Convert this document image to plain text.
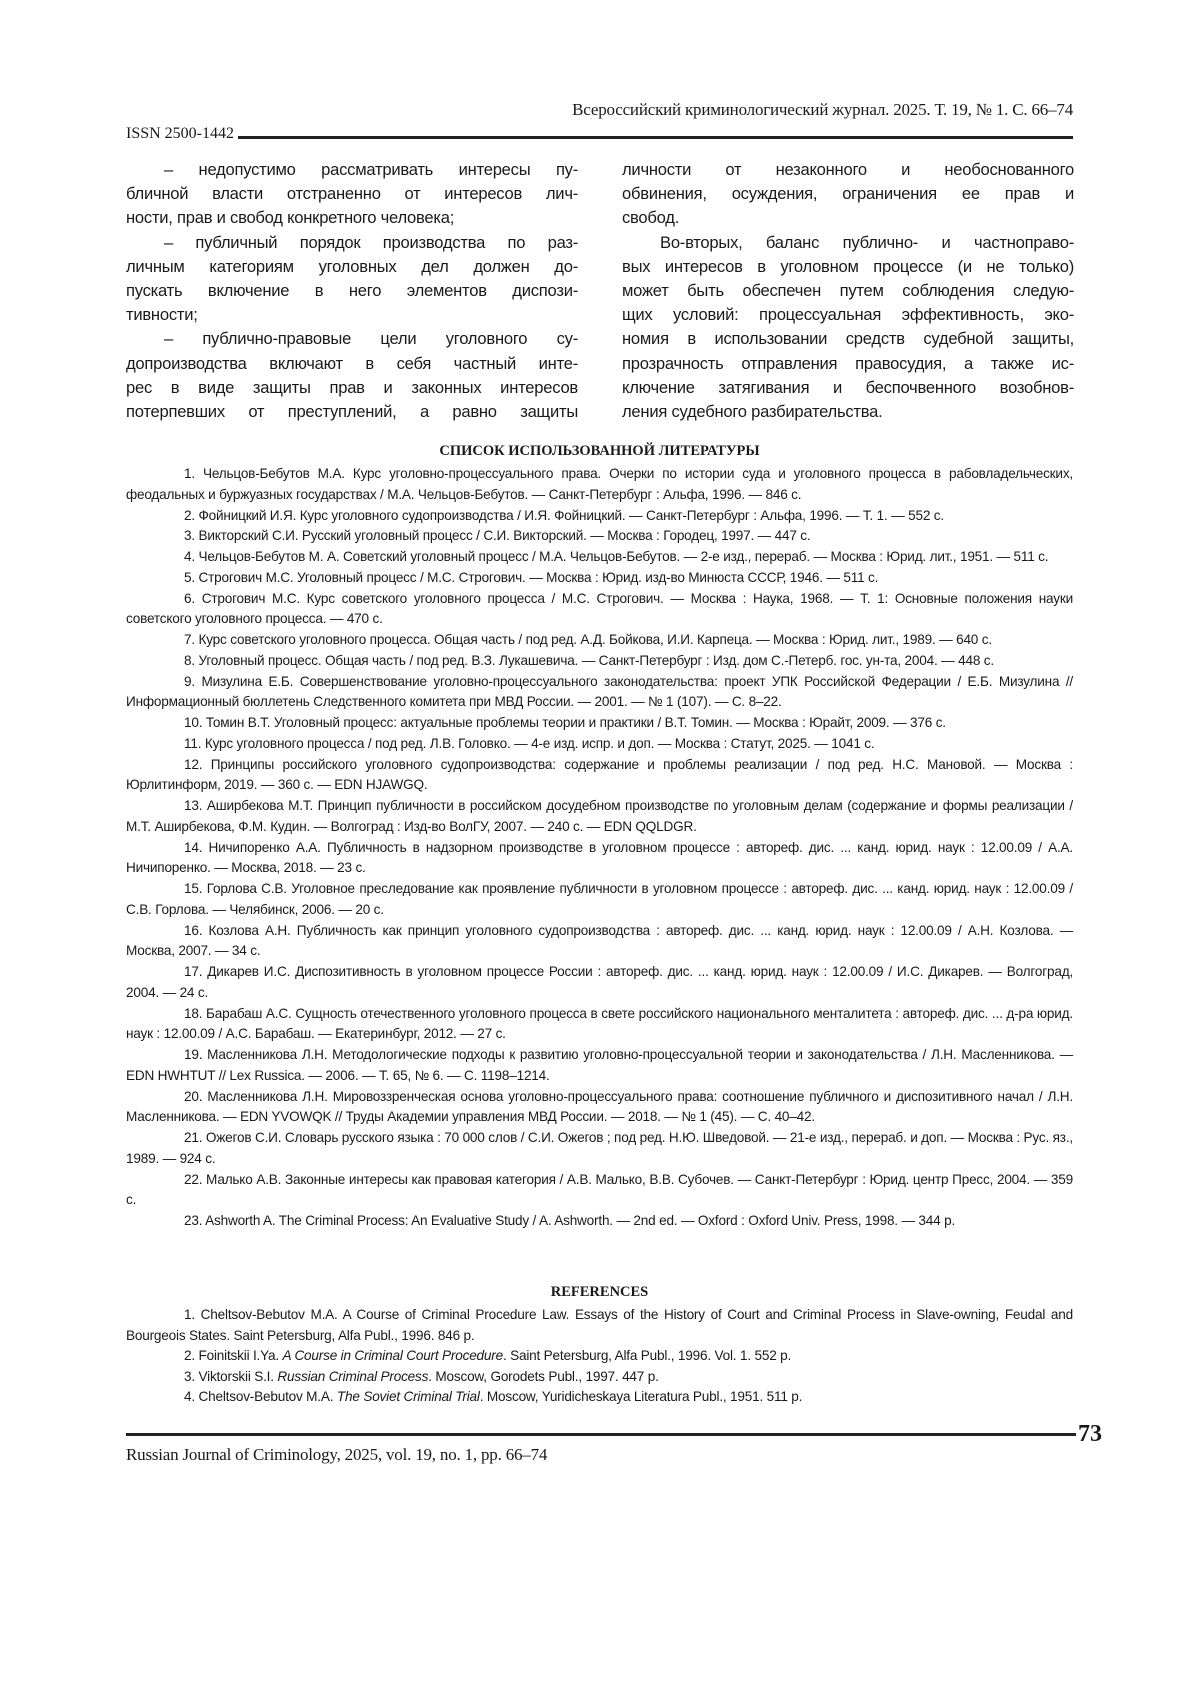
Всероссийский криминологический журнал. 2025. Т. 19, № 1. С. 66–74
ISSN 2500-1442
– недопустимо рассматривать интересы пу-
бличной власти отстраненно от интересов лич-
ности, прав и свобод конкретного человека;
– публичный порядок производства по раз-
личным категориям уголовных дел должен до-
пускать включение в него элементов диспози-
тивности;
– публично-правовые цели уголовного су-
допроизводства включают в себя частный инте-
рес в виде защиты прав и законных интересов
потерпевших от преступлений, а равно защиты
личности от незаконного и необоснованного
обвинения, осуждения, ограничения ее прав и
свобод.
Во-вторых, баланс публично- и частноправо-
вых интересов в уголовном процессе (и не только)
может быть обеспечен путем соблюдения следую-
щих условий: процессуальная эффективность, эко-
номия в использовании средств судебной защиты,
прозрачность отправления правосудия, а также ис-
ключение затягивания и беспочвенного возобнов-
ления судебного разбирательства.
СПИСОК ИСПОЛЬЗОВАННОЙ ЛИТЕРАТУРЫ

1. Чельцов-Бебутов М.А. Курс уголовно-процессуального права. Очерки по истории суда и уголовного процесса в рабовладельческих, феодальных и буржуазных государствах / М.А. Чельцов-Бебутов. — Санкт-Петербург : Альфа, 1996. — 846 с.

2. Фойницкий И.Я. Курс уголовного судопроизводства / И.Я. Фойницкий. — Санкт-Петербург : Альфа, 1996. — Т. 1. — 552 с.

3. Викторский С.И. Русский уголовный процесс / С.И. Викторский. — Москва : Городец, 1997. — 447 с.

4. Чельцов-Бебутов М. А. Советский уголовный процесс / М.А. Чельцов-Бебутов. — 2-е изд., перераб. — Москва : Юрид. лит., 1951. — 511 с.

5. Строгович М.С. Уголовный процесс / М.С. Строгович. — Москва : Юрид. изд-во Минюста СССР, 1946. — 511 с.

6. Строгович М.С. Курс советского уголовного процесса / М.С. Строгович. — Москва : Наука, 1968. — Т. 1: Основные положения науки советского уголовного процесса. — 470 с.

7. Курс советского уголовного процесса. Общая часть / под ред. А.Д. Бойкова, И.И. Карпеца. — Москва : Юрид. лит., 1989. — 640 с.

8. Уголовный процесс. Общая часть / под ред. В.З. Лукашевича. — Санкт-Петербург : Изд. дом С.-Петерб. гос. ун-та, 2004. — 448 с.

9. Мизулина Е.Б. Совершенствование уголовно-процессуального законодательства: проект УПК Российской Федерации / Е.Б. Мизулина // Информационный бюллетень Следственного комитета при МВД России. — 2001. — № 1 (107). — С. 8–22.

10. Томин В.Т. Уголовный процесс: актуальные проблемы теории и практики / В.Т. Томин. — Москва : Юрайт, 2009. — 376 с.

11. Курс уголовного процесса / под ред. Л.В. Головко. — 4-е изд. испр. и доп. — Москва : Статут, 2025. — 1041 с.

12. Принципы российского уголовного судопроизводства: содержание и проблемы реализации / под ред. Н.С. Мановой. — Москва : Юрлитинформ, 2019. — 360 с. — EDN HJAWGQ.

13. Аширбекова М.Т. Принцип публичности в российском досудебном производстве по уголовным делам (содержание и формы реализации / М.Т. Аширбекова, Ф.М. Кудин. — Волгоград : Изд-во ВолГУ, 2007. — 240 с. — EDN QQLDGR.

14. Ничипоренко А.А. Публичность в надзорном производстве в уголовном процессе : автореф. дис. ... канд. юрид. наук : 12.00.09 / А.А. Ничипоренко. — Москва, 2018. — 23 с.

15. Горлова С.В. Уголовное преследование как проявление публичности в уголовном процессе : автореф. дис. ... канд. юрид. наук : 12.00.09 / С.В. Горлова. — Челябинск, 2006. — 20 с.

16. Козлова А.Н. Публичность как принцип уголовного судопроизводства : автореф. дис. ... канд. юрид. наук : 12.00.09 / А.Н. Козлова. — Москва, 2007. — 34 с.

17. Дикарев И.С. Диспозитивность в уголовном процессе России : автореф. дис. ... канд. юрид. наук : 12.00.09 / И.С. Дикарев. — Волгоград, 2004. — 24 с.

18. Барабаш А.С. Сущность отечественного уголовного процесса в свете российского национального менталитета : автореф. дис. ... д-ра юрид. наук : 12.00.09 / А.С. Барабаш. — Екатеринбург, 2012. — 27 с.

19. Масленникова Л.Н. Методологические подходы к развитию уголовно-процессуальной теории и законодательства / Л.Н. Масленникова. — EDN HWHTUT // Lex Russica. — 2006. — Т. 65, № 6. — С. 1198–1214.

20. Масленникова Л.Н. Мировоззренческая основа уголовно-процессуального права: соотношение публичного и диспозитивного начал / Л.Н. Масленникова. — EDN YVOWQK // Труды Академии управления МВД России. — 2018. — № 1 (45). — С. 40–42.

21. Ожегов С.И. Словарь русского языка : 70 000 слов / С.И. Ожегов ; под ред. Н.Ю. Шведовой. — 21-е изд., перераб. и доп. — Москва : Рус. яз., 1989. — 924 с.

22. Малько А.В. Законные интересы как правовая категория / А.В. Малько, В.В. Субочев. — Санкт-Петербург : Юрид. центр Пресс, 2004. — 359 с.

23. Ashworth A. The Criminal Process: An Evaluative Study / A. Ashworth. — 2nd ed. — Oxford : Oxford Univ. Press, 1998. — 344 p.

REFERENCES

1. Cheltsov-Bebutov M.A. A Course of Criminal Procedure Law. Essays of the History of Court and Criminal Process in Slave-owning, Feudal and Bourgeois States. Saint Petersburg, Alfa Publ., 1996. 846 p.

2. Foinitskii I.Ya. A Course in Criminal Court Procedure. Saint Petersburg, Alfa Publ., 1996. Vol. 1. 552 p.

3. Viktorskii S.I. Russian Criminal Process. Moscow, Gorodets Publ., 1997. 447 p.

4. Cheltsov-Bebutov M.A. The Soviet Criminal Trial. Moscow, Yuridicheskaya Literatura Publ., 1951. 511 p.

73
Russian Journal of Criminology, 2025, vol. 19, no. 1, pp. 66–74
